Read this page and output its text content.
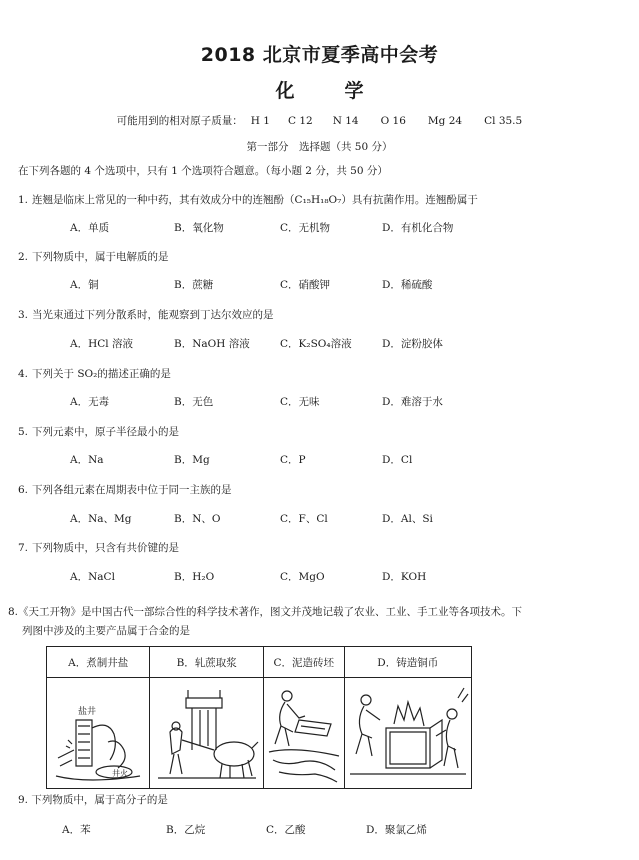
2018 北京市夏季高中会考
化	学
可能用到的相对原子质量： H 1 C 12 N 14 O 16 Mg 24 Cl 35.5
第一部分　选择题（共 50 分）
在下列各题的 4 个选项中，只有 1 个选项符合题意。（每小题 2 分，共 50 分）
1. 连翘是临床上常见的一种中药，其有效成分中的连翘酚（C₁₅H₁₈O₇）具有抗菌作用。连翘酚属于
A．单质	B．氧化物	C．无机物	D．有机化合物
2. 下列物质中，属于电解质的是
A．铜	B．蔗糖	C．硝酸钾	D．稀硫酸
3. 当光束通过下列分散系时，能观察到丁达尔效应的是
A．HCl 溶液	B．NaOH 溶液	C．K₂SO₄溶液	D．淀粉胶体
4. 下列关于 SO₂的描述正确的是
A．无毒	B．无色	C．无味	D．难溶于水
5. 下列元素中，原子半径最小的是
A．Na	B．Mg	C．P	D．Cl
6. 下列各组元素在周期表中位于同一主族的是
A．Na、Mg	B．N、O	C．F、Cl	D．Al、Si
7. 下列物质中，只含有共价键的是
A．NaCl	B．H₂O	C．MgO	D．KOH
8.《天工开物》是中国古代一部综合性的科学技术著作，图文并茂地记载了农业、工业、手工业等各项技术。下
列图中涉及的主要产品属于合金的是
A．煮制井盐	B．轧蔗取浆	C．泥造砖坯	D．铸造铜币

盐井
井火

9. 下列物质中，属于高分子的是
A．苯	B．乙烷	C．乙酸	D．聚氯乙烯
